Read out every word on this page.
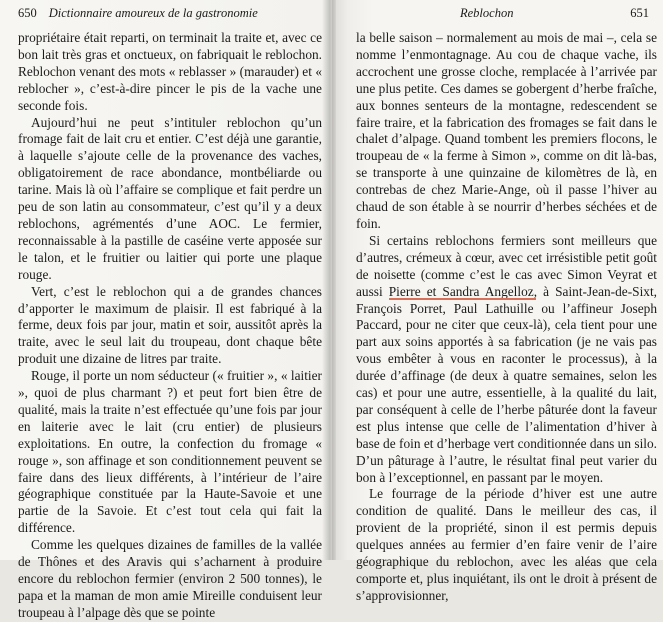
650 Dictionnaire amoureux de la gastronomie

propriétaire était reparti, on terminait la traite et, avec ce bon lait très gras et onctueux, on fabriquait le reblochon. Reblochon venant des mots « reblasser » (marauder) et « reblocher », c’est-à-dire pincer le pis de la vache une seconde fois.

Aujourd’hui ne peut s’intituler reblochon qu’un fromage fait de lait cru et entier. C’est déjà une garantie, à laquelle s’ajoute celle de la provenance des vaches, obligatoirement de race abondance, montbéliarde ou tarine. Mais là où l’affaire se complique et fait perdre un peu de son latin au consommateur, c’est qu’il y a deux reblochons, agrémentés d’une AOC. Le fermier, reconnaissable à la pastille de caséine verte apposée sur le talon, et le fruitier ou laitier qui porte une plaque rouge.

Vert, c’est le reblochon qui a de grandes chances d’apporter le maximum de plaisir. Il est fabriqué à la ferme, deux fois par jour, matin et soir, aussitôt après la traite, avec le seul lait du troupeau, dont chaque bête produit une dizaine de litres par traite.

Rouge, il porte un nom séducteur (« fruitier », « laitier », quoi de plus charmant ?) et peut fort bien être de qualité, mais la traite n’est effectuée qu’une fois par jour en laiterie avec le lait (cru entier) de plusieurs exploitations. En outre, la confection du fromage « rouge », son affinage et son conditionnement peuvent se faire dans des lieux différents, à l’intérieur de l’aire géographique constituée par la Haute-Savoie et une partie de la Savoie. Et c’est tout cela qui fait la différence.

Comme les quelques dizaines de familles de la vallée de Thônes et des Aravis qui s’acharnent à produire encore du reblochon fermier (environ 2 500 tonnes), le papa et la maman de mon amie Mireille conduisent leur troupeau à l’alpage dès que se pointe

Reblochon	651

la belle saison – normalement au mois de mai –, cela se nomme l’enmontagnage. Au cou de chaque vache, ils accrochent une grosse cloche, remplacée à l’arrivée par une plus petite. Ces dames se gobergent d’herbe fraîche, aux bonnes senteurs de la montagne, redescendent se faire traire, et la fabrication des fromages se fait dans le chalet d’alpage. Quand tombent les premiers flocons, le troupeau de « la ferme à Simon », comme on dit là-bas, se transporte à une quinzaine de kilomètres de là, en contrebas de chez Marie-Ange, où il passe l’hiver au chaud de son étable à se nourrir d’herbes séchées et de foin.

Si certains reblochons fermiers sont meilleurs que d’autres, crémeux à cœur, avec cet irrésistible petit goût de noisette (comme c’est le cas avec Simon Veyrat et aussi Pierre et Sandra Angelloz, à Saint-Jean-de-Sixt, François Porret, Paul Lathuille ou l’affineur Joseph Paccard, pour ne citer que ceux-là), cela tient pour une part aux soins apportés à sa fabrication (je ne vais pas vous embêter à vous en raconter le processus), à la durée d’affinage (de deux à quatre semaines, selon les cas) et pour une autre, essentielle, à la qualité du lait, par conséquent à celle de l’herbe pâturée dont la faveur est plus intense que celle de l’alimentation d’hiver à base de foin et d’herbage vert conditionnée dans un silo. D’un pâturage à l’autre, le résultat final peut varier du bon à l’exceptionnel, en passant par le moyen.

Le fourrage de la période d’hiver est une autre condition de qualité. Dans le meilleur des cas, il provient de la propriété, sinon il est permis depuis quelques années au fermier d’en faire venir de l’aire géographique du reblochon, avec les aléas que cela comporte et, plus inquiétant, ils ont le droit à présent de s’approvisionner,
